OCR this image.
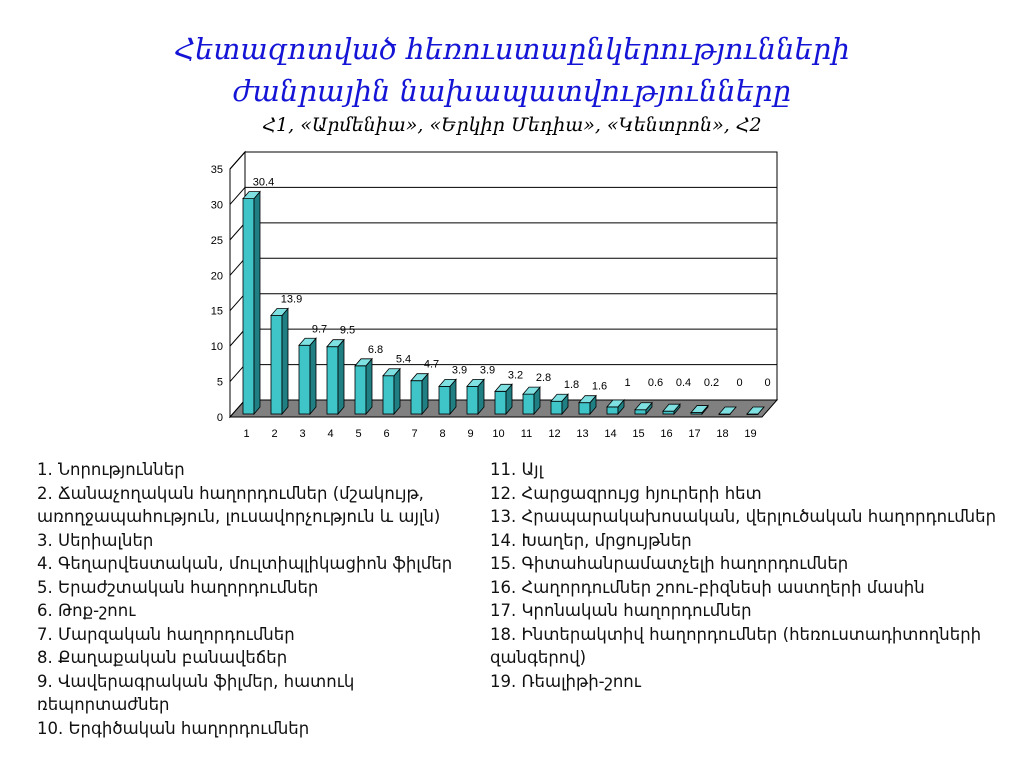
Հետազոտված հեռուստաընկերությունների
ժանրային նախապատվությունները
Հ1, «Արմենիա», «Երկիր Մեդիա», «Կենտրոն», Հ2
0
5
10
15
20
25
30
35
30.4
1
13.9
2
9.7
3
9.5
4
6.8
5
5.4
6
4.7
7
3.9
8
3.9
9
3.2
10
2.8
11
1.8
12
1.6
13
1
14
0.6
15
0.4
16
0.2
17
0
18
0
19
1. Նորություններ
2. Ճանաչողական հաղորդումներ (մշակույթ, առողջապահություն, լուսավորչություն և այլն)
3. Սերիալներ
4. Գեղարվեստական, մուլտիպլիկացիոն ֆիլմեր
5. Երաժշտական հաղորդումներ
6. Թոք-շոու
7. Մարզական հաղորդումներ
8. Քաղաքական բանավեճեր
9. Վավերագրական ֆիլմեր, հատուկ ռեպորտաժներ
10. Երգիծական հաղորդումներ
11. Այլ
12. Հարցազրույց հյուրերի հետ
13. Հրապարակախոսական, վերլուծական հաղորդումներ
14. Խաղեր, մրցույթներ
15. Գիտահանրամատչելի հաղորդումներ
16. Հաղորդումներ շոու-բիզնեսի աստղերի մասին
17. Կրոնական հաղորդումներ
18. Ինտերակտիվ հաղորդումներ (հեռուստադիտողների զանգերով)
19. Ռեալիթի-շոու
